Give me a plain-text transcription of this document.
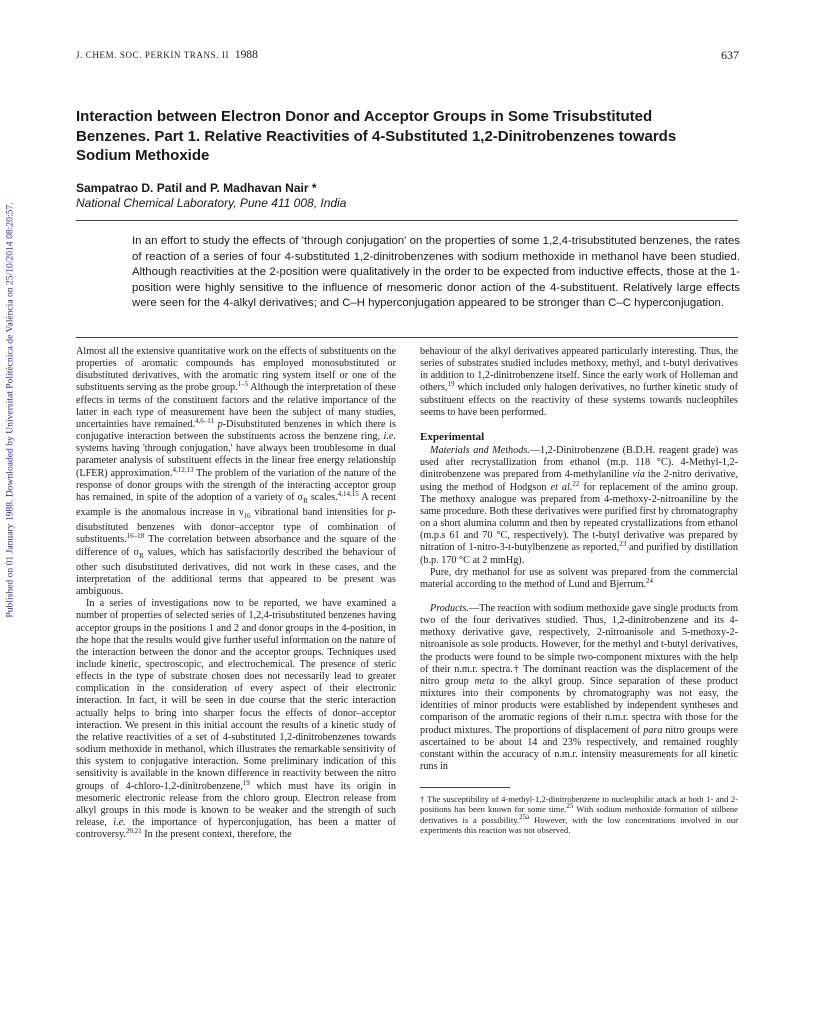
Published on 01 January 1988. Downloaded by Universitat Politècnica de València on 25/10/2014 08:20:57.
J. CHEM. SOC. PERKIN TRANS. II 1988	637
Interaction between Electron Donor and Acceptor Groups in Some Trisubstituted Benzenes. Part 1. Relative Reactivities of 4-Substituted 1,2-Dinitrobenzenes towards Sodium Methoxide
Sampatrao D. Patil and P. Madhavan Nair *
National Chemical Laboratory, Pune 411 008, India
In an effort to study the effects of 'through conjugation' on the properties of some 1,2,4-trisubstituted benzenes, the rates of reaction of a series of four 4-substituted 1,2-dinitrobenzenes with sodium methoxide in methanol have been studied. Although reactivities at the 2-position were qualitatively in the order to be expected from inductive effects, those at the 1-position were highly sensitive to the influence of mesomeric donor action of the 4-substituent. Relatively large effects were seen for the 4-alkyl derivatives; and C–H hyperconjugation appeared to be stronger than C–C hyperconjugation.

Almost all the extensive quantitative work on the effects of substituents on the properties of aromatic compounds has employed monosubstituted or disubstituted derivatives, with the aromatic ring system itself or one of the substituents serving as the probe group.$^{1-5}$ Although the interpretation of these effects in terms of the constituent factors and the relative importance of the latter in each type of measurement have been the subject of many studies, uncertainties have remained.$^{4,6-11}$ p-Disubstituted benzenes in which there is conjugative interaction between the substituents across the benzene ring, i.e. systems having 'through conjugation,' have always been troublesome in dual parameter analysis of substituent effects in the linear free energy relationship (LFER) approximation.$^{4,12,13}$ The problem of the variation of the nature of the response of donor groups with the strength of the interacting acceptor group has remained, in spite of the adoption of a variety of $\sigma_R$ scales.$^{4,14,15}$ A recent example is the anomalous increase in $\nu_{16}$ vibrational band intensities for p-disubstituted benzenes with donor–acceptor type of combination of substituents.$^{16-18}$ The correlation between absorbance and the square of the difference of $\sigma_R$ values, which has satisfactorily described the behaviour of other such disubstituted derivatives, did not work in these cases, and the interpretation of the additional terms that appeared to be present was ambiguous.

In a series of investigations now to be reported, we have examined a number of properties of selected series of 1,2,4-trisubstituted benzenes having acceptor groups in the positions 1 and 2 and donor groups in the 4-position, in the hope that the results would give further useful information on the nature of the interaction between the donor and the acceptor groups. Techniques used include kinetic, spectroscopic, and electrochemical. The presence of steric effects in the type of substrate chosen does not necessarily lead to greater complication in the consideration of every aspect of their electronic interaction. In fact, it will be seen in due course that the steric interaction actually helps to bring into sharper focus the effects of donor–acceptor interaction. We present in this initial account the results of a kinetic study of the relative reactivities of a set of 4-substituted 1,2-dinitrobenzenes towards sodium methoxide in methanol, which illustrates the remarkable sensitivity of this system to conjugative interaction. Some preliminary indication of this sensitivity is available in the known difference in reactivity between the nitro groups of 4-chloro-1,2-dinitrobenzene,$^{19}$ which must have its origin in mesomeric electronic release from the chloro group. Electron release from alkyl groups in this mode is known to be weaker and the strength of such release, i.e. the importance of hyperconjugation, has been a matter of controversy.$^{20,21}$ In the present context, therefore, the

behaviour of the alkyl derivatives appeared particularly interesting. Thus, the series of substrates studied includes methoxy, methyl, and t-butyl derivatives in addition to 1,2-dinitrobenzene itself. Since the early work of Holleman and others,$^{19}$ which included only halogen derivatives, no further kinetic study of substituent effects on the reactivity of these systems towards nucleophiles seems to have been performed.

Experimental

Materials and Methods.—1,2-Dinitrobenzene (B.D.H. reagent grade) was used after recrystallization from ethanol (m.p. 118 °C). 4-Methyl-1,2-dinitrobenzene was prepared from 4-methylaniline via the 2-nitro derivative, using the method of Hodgson et al.$^{22}$ for replacement of the amino group. The methoxy analogue was prepared from 4-methoxy-2-nitroaniline by the same procedure. Both these derivatives were purified first by chromatography on a short alumina column and then by repeated crystallizations from ethanol (m.p.s 61 and 70 °C, respectively). The t-butyl derivative was prepared by nitration of 1-nitro-3-t-butylbenzene as reported,$^{23}$ and purified by distillation (b.p. 170 °C at 2 mmHg).

Pure, dry methanol for use as solvent was prepared from the commercial material according to the method of Lund and Bjerrum.$^{24}$

Products.—The reaction with sodium methoxide gave single products from two of the four derivatives studied. Thus, 1,2-dinitrobenzene and its 4-methoxy derivative gave, respectively, 2-nitroanisole and 5-methoxy-2-nitroanisole as sole products. However, for the methyl and t-butyl derivatives, the products were found to be simple two-component mixtures with the help of their n.m.r. spectra.† The dominant reaction was the displacement of the nitro group meta to the alkyl group. Since separation of these product mixtures into their components by chromatography was not easy, the identities of minor products were established by independent syntheses and comparison of the aromatic regions of their n.m.r. spectra with those for the product mixtures. The proportions of displacement of para nitro groups were ascertained to be about 14 and 23% respectively, and remained roughly constant within the accuracy of n.m.r. intensity measurements for all kinetic runs in

† The susceptibility of 4-methyl-1,2-dinitrobenzene to nucleophilic attack at both 1- and 2-positions has been known for some time.$^{25}$ With sodium methoxide formation of stilbene derivatives is a possibility.$^{25a}$ However, with the low concentrations involved in our experiments this reaction was not observed.
